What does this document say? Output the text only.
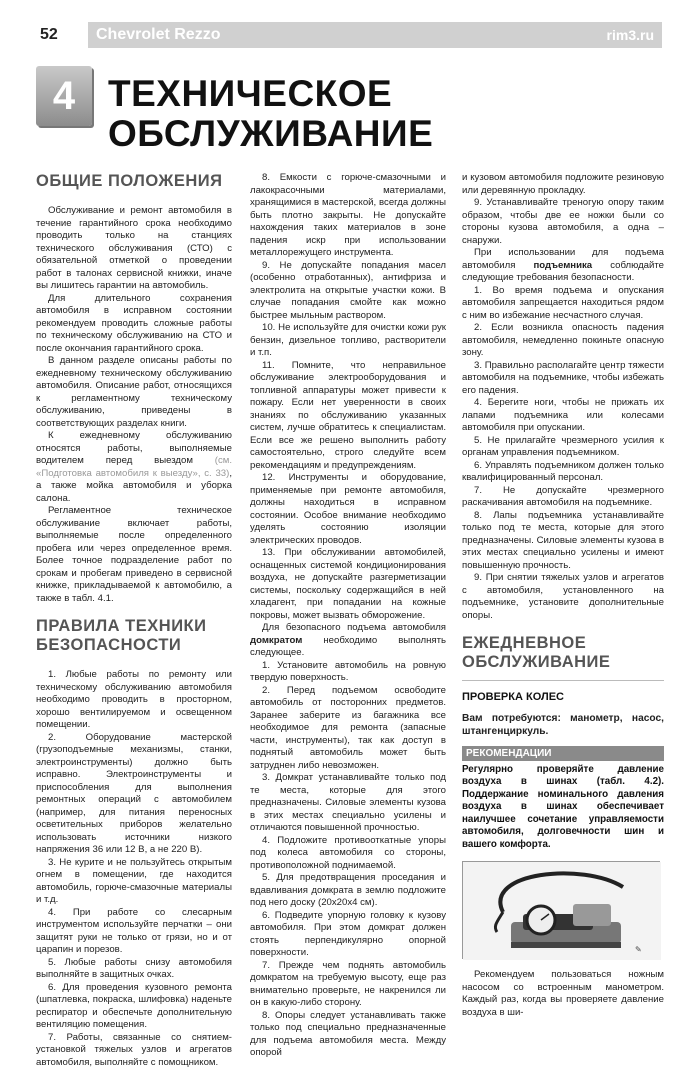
52	Chevrolet Rezzo	rim3.ru
4 ТЕХНИЧЕСКОЕ
ОБСЛУЖИВАНИЕ
ОБЩИЕ ПОЛОЖЕНИЯ

Обслуживание и ремонт автомобиля в течение гарантийного срока необходимо проводить только на станциях технического обслуживания (СТО) с обязательной отметкой о проведении работ в талонах сервисной книжки, иначе вы лишитесь гарантии на автомобиль.

Для длительного сохранения автомобиля в исправном состоянии рекомендуем проводить сложные работы по техническому обслуживанию на СТО и после окончания гарантийного срока.

В данном разделе описаны работы по ежедневному техническому обслуживанию автомобиля. Описание работ, относящихся к регламентному техническому обслуживанию, приведены в соответствующих разделах книги.

К ежедневному обслуживанию относятся работы, выполняемые водителем перед выездом (см. «Подготовка автомобиля к выезду», с. 33), а также мойка автомобиля и уборка салона.

Регламентное техническое обслуживание включает работы, выполняемые после определенного пробега или через определенное время. Более точное подразделение работ по срокам и пробегам приведено в сервисной книжке, прикладываемой к автомобилю, а также в табл. 4.1.

ПРАВИЛА ТЕХНИКИ
БЕЗОПАСНОСТИ

1. Любые работы по ремонту или техническому обслуживанию автомобиля необходимо проводить в просторном, хорошо вентилируемом и освещенном помещении.

2. Оборудование мастерской (грузоподъемные механизмы, станки, электроинструменты) должно быть исправно. Электроинструменты и приспособления для выполнения ремонтных операций с автомобилем (например, для питания переносных осветительных приборов желательно использовать источники низкого напряжения 36 или 12 В, а не 220 В).

3. Не курите и не пользуйтесь открытым огнем в помещении, где находится автомобиль, горюче-смазочные материалы и т.д.

4. При работе со слесарным инструментом используйте перчатки – они защитят руки не только от грязи, но и от царапин и порезов.

5. Любые работы снизу автомобиля выполняйте в защитных очках.

6. Для проведения кузовного ремонта (шпатлевка, покраска, шлифовка) наденьте респиратор и обеспечьте дополнительную вентиляцию помещения.

7. Работы, связанные со снятием-установкой тяжелых узлов и агрегатов автомобиля, выполняйте с помощником.

8. Емкости с горюче-смазочными и лакокрасочными материалами, хранящимися в мастерской, всегда должны быть плотно закрыты. Не допускайте нахождения таких материалов в зоне падения искр при использовании металлорежущего инструмента.

9. Не допускайте попадания масел (особенно отработанных), антифриза и электролита на открытые участки кожи. В случае попадания смойте как можно быстрее мыльным раствором.

10. Не используйте для очистки кожи рук бензин, дизельное топливо, растворители и т.п.

11. Помните, что неправильное обслуживание электрооборудования и топливной аппаратуры может привести к пожару. Если нет уверенности в своих знаниях по обслуживанию указанных систем, лучше обратитесь к специалистам. Если все же решено выполнить работу самостоятельно, строго следуйте всем рекомендациям и предупреждениям.

12. Инструменты и оборудование, применяемые при ремонте автомобиля, должны находиться в исправном состоянии. Особое внимание необходимо уделять состоянию изоляции электрических проводов.

13. При обслуживании автомобилей, оснащенных системой кондиционирования воздуха, не допускайте разгерметизации системы, поскольку содержащийся в ней хладагент, при попадании на кожные покровы, может вызвать обморожение.

Для безопасного подъема автомобиля домкратом необходимо выполнять следующее.

1. Установите автомобиль на ровную твердую поверхность.

2. Перед подъемом освободите автомобиль от посторонних предметов. Заранее заберите из багажника все необходимое для ремонта (запасные части, инструменты), так как доступ в поднятый автомобиль может быть затруднен либо невозможен.

3. Домкрат устанавливайте только под те места, которые для этого предназначены. Силовые элементы кузова в этих местах специально усилены и отличаются повышенной прочностью.

4. Подложите противооткатные упоры под колеса автомобиля со стороны, противоположной поднимаемой.

5. Для предотвращения проседания и вдавливания домкрата в землю подложите под него доску (20х20х4 см).

6. Подведите упорную головку к кузову автомобиля. При этом домкрат должен стоять перпендикулярно опорной поверхности.

7. Прежде чем поднять автомобиль домкратом на требуемую высоту, еще раз внимательно проверьте, не накренился ли он в какую-либо сторону.

8. Опоры следует устанавливать также только под специально предназначенные для подъема автомобиля места. Между опорой

и кузовом автомобиля подложите резиновую или деревянную прокладку.

9. Устанавливайте треногую опору таким образом, чтобы две ее ножки были со стороны кузова автомобиля, а одна – снаружи.

При использовании для подъема автомобиля подъемника соблюдайте следующие требования безопасности.

1. Во время подъема и опускания автомобиля запрещается находиться рядом с ним во избежание несчастного случая.

2. Если возникла опасность падения автомобиля, немедленно покиньте опасную зону.

3. Правильно располагайте центр тяжести автомобиля на подъемнике, чтобы избежать его падения.

4. Берегите ноги, чтобы не прижать их лапами подъемника или колесами автомобиля при опускании.

5. Не прилагайте чрезмерного усилия к органам управления подъемником.

6. Управлять подъемником должен только квалифицированный персонал.

7. Не допускайте чрезмерного раскачивания автомобиля на подъемнике.

8. Лапы подъемника устанавливайте только под те места, которые для этого предназначены. Силовые элементы кузова в этих местах специально усилены и имеют повышенную прочность.

9. При снятии тяжелых узлов и агрегатов с автомобиля, установленного на подъемнике, установите дополнительные опоры.

ЕЖЕДНЕВНОЕ
ОБСЛУЖИВАНИЕ
ПРОВЕРКА КОЛЕС
Вам потребуются: манометр, насос, штангенциркуль.
РЕКОМЕНДАЦИИ
Регулярно проверяйте давление воздуха в шинах (табл. 4.2). Поддержание номинального давления воздуха в шинах обеспечивает наилучшее сочетание управляемости автомобиля, долговечности шин и вашего комфорта.
✎

Рекомендуем пользоваться ножным насосом со встроенным манометром. Каждый раз, когда вы проверяете давление воздуха в ши-
